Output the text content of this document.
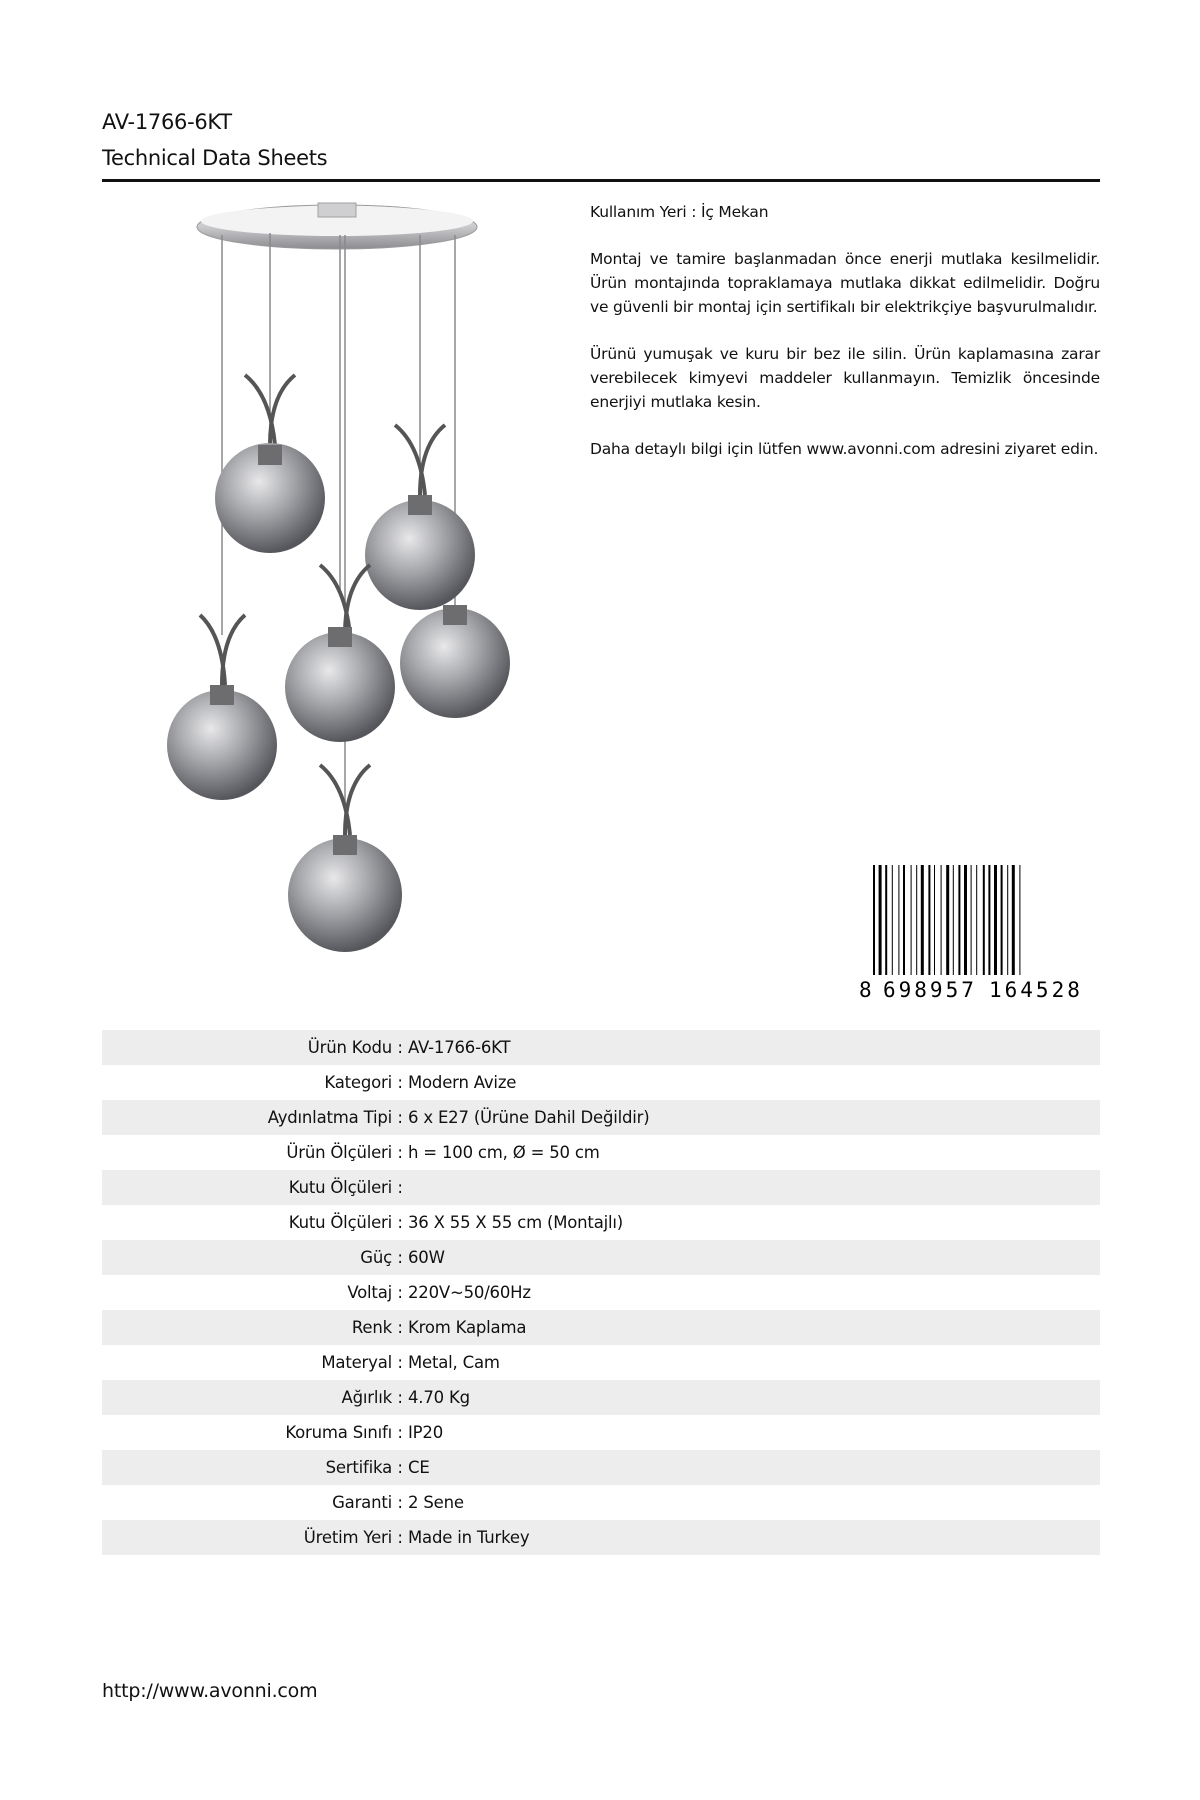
AV-1766-6KT
Technical Data Sheets

Kullanım Yeri : İç Mekan

Montaj ve tamire başlanmadan önce enerji mutlaka kesilmelidir. Ürün montajında topraklamaya mutlaka dikkat edilmelidir. Doğru ve güvenli bir montaj için sertifikalı bir elektrikçiye başvurulmalıdır.

Ürünü yumuşak ve kuru bir bez ile silin. Ürün kaplamasına zarar verebilecek kimyevi maddeler kullanmayın. Temizlik öncesinde enerjiyi mutlaka kesin.

Daha detaylı bilgi için lütfen www.avonni.com adresini ziyaret edin.

8 698957 164528
Ürün Kodu : AV-1766-6KT
Kategori : Modern Avize
Aydınlatma Tipi : 6 x E27 (Ürüne Dahil Değildir)
Ürün Ölçüleri : h = 100 cm, Ø = 50 cm
Kutu Ölçüleri :
Kutu Ölçüleri : 36 X 55 X 55 cm (Montajlı)
Güç : 60W
Voltaj : 220V~50/60Hz
Renk : Krom Kaplama
Materyal : Metal, Cam
Ağırlık : 4.70 Kg
Koruma Sınıfı : IP20
Sertifika : CE
Garanti : 2 Sene
Üretim Yeri : Made in Turkey
http://www.avonni.com
